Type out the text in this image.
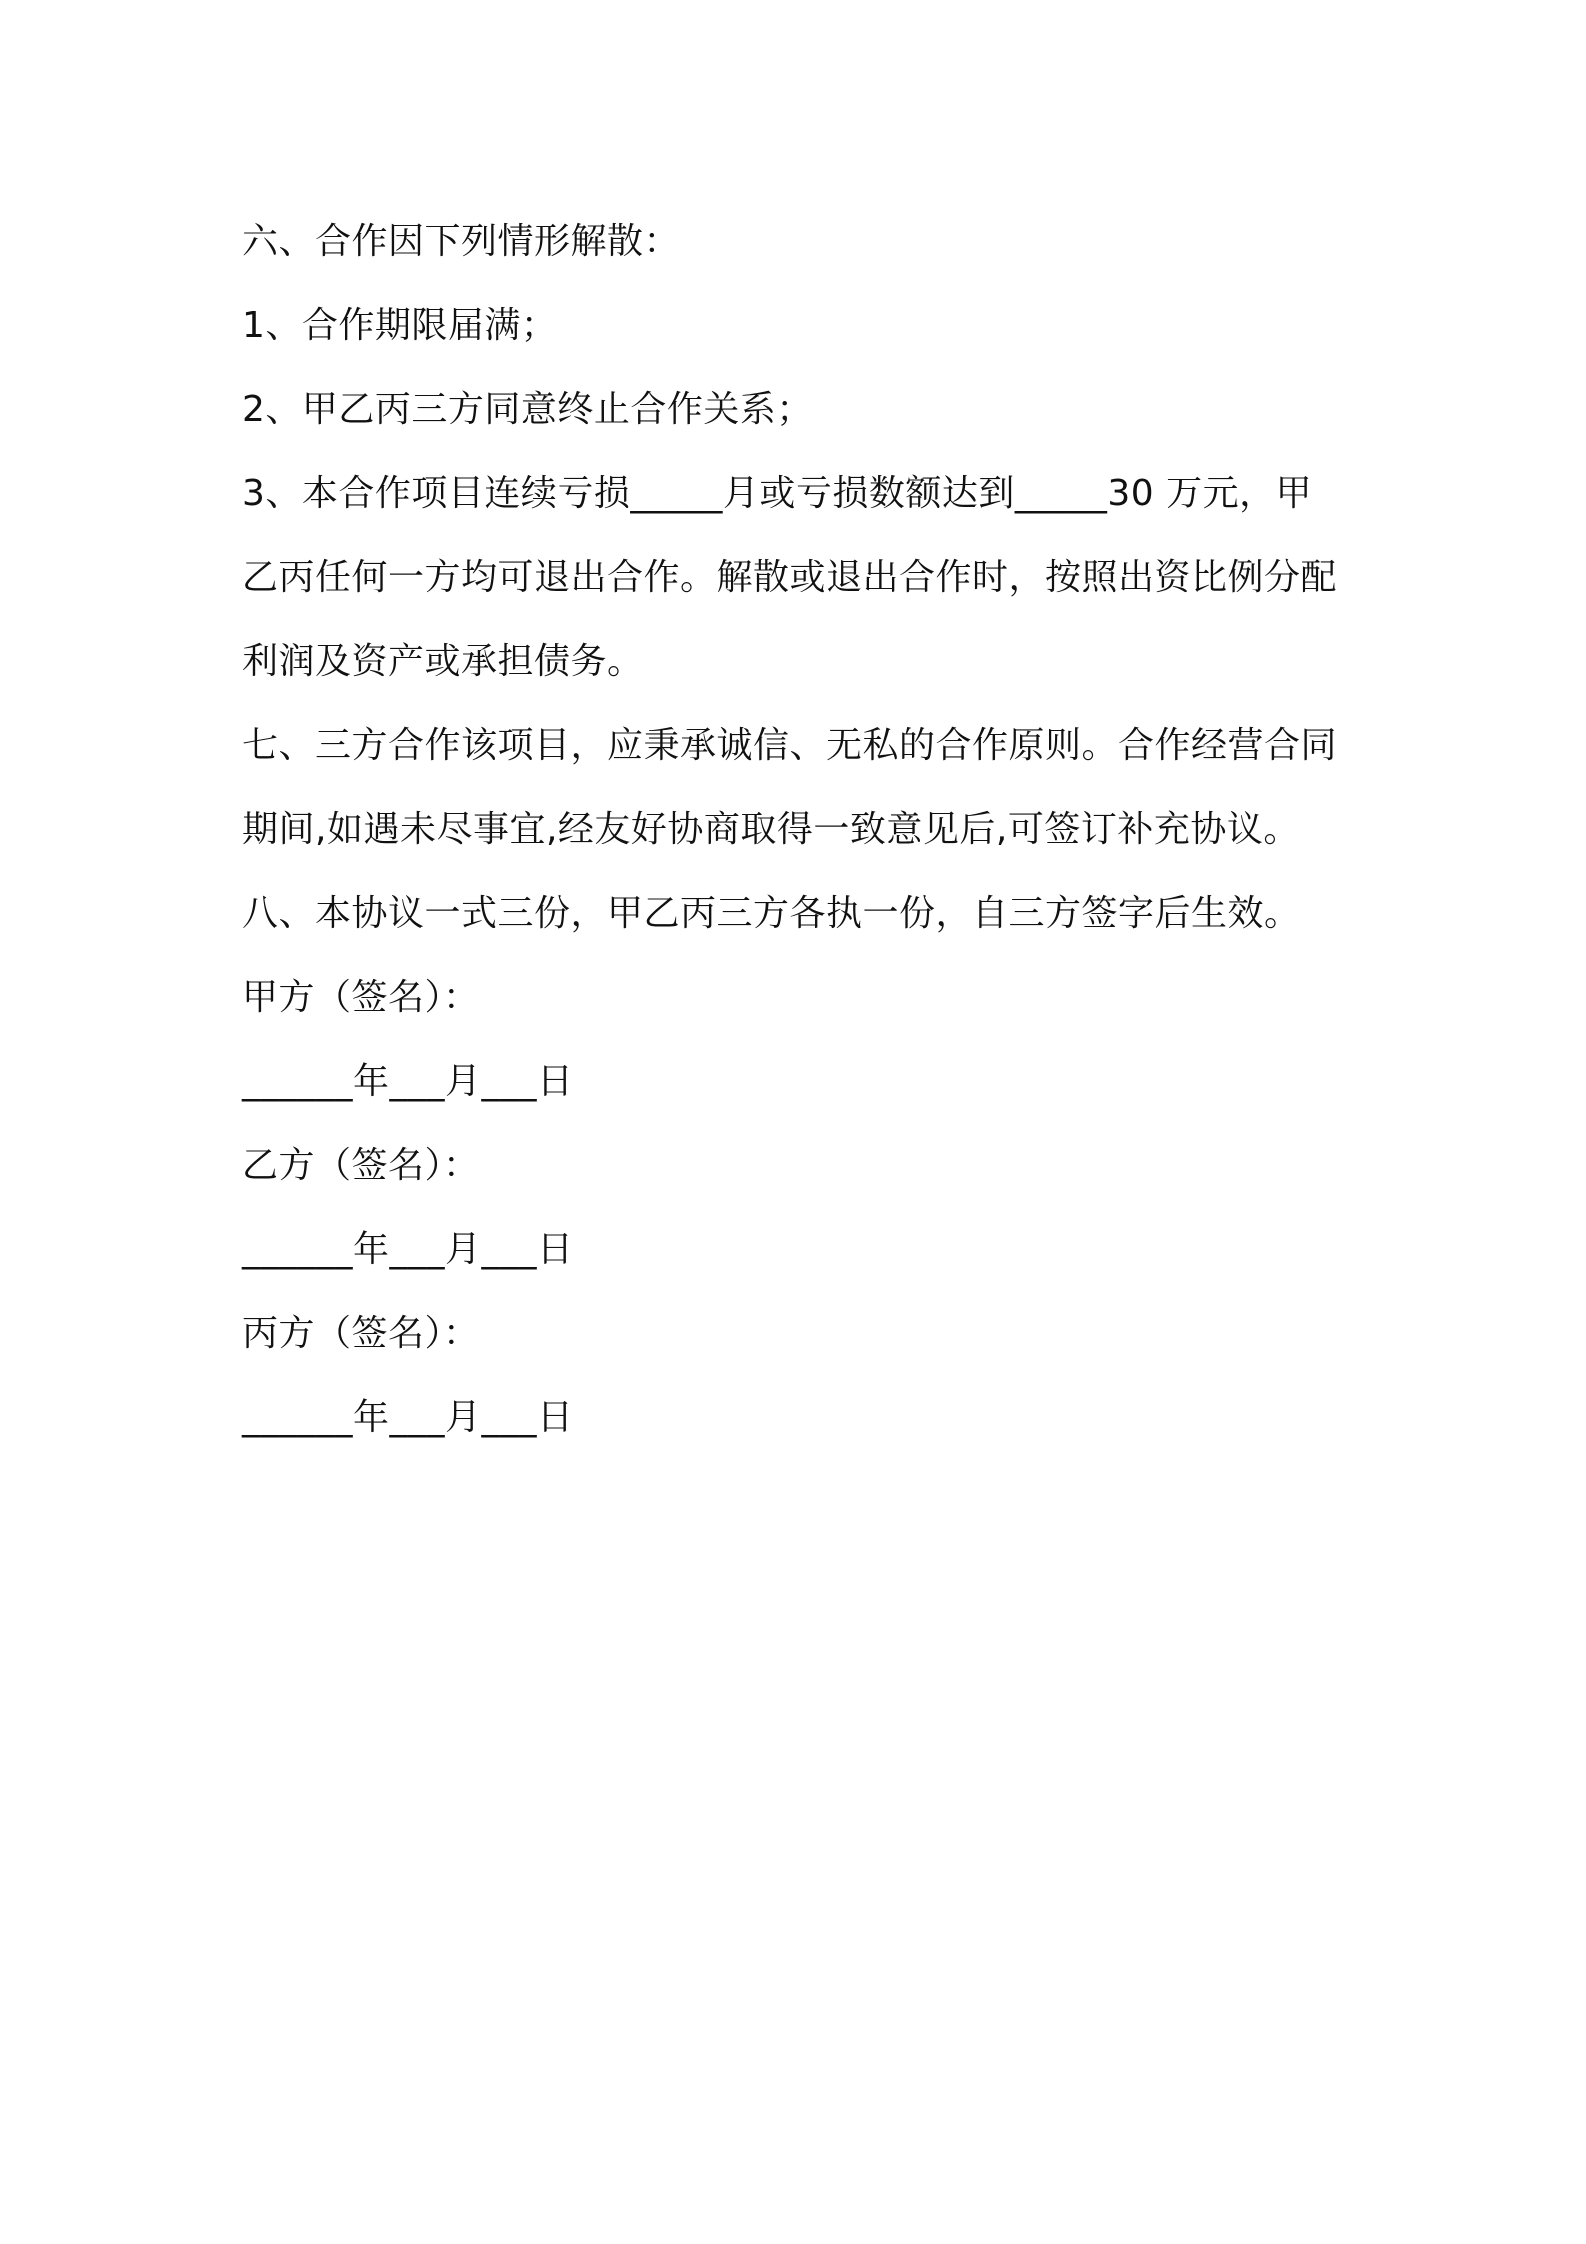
六、合作因下列情形解散：
1、合作期限届满；
2、甲乙丙三方同意终止合作关系；
3、本合作项目连续亏损_____月或亏损数额达到_____30 万元，甲
乙丙任何一方均可退出合作。解散或退出合作时，按照出资比例分配
利润及资产或承担债务。
七、三方合作该项目，应秉承诚信、无私的合作原则。合作经营合同
期间,如遇未尽事宜,经友好协商取得一致意见后,可签订补充协议。
八、本协议一式三份，甲乙丙三方各执一份，自三方签字后生效。
甲方（签名）：
______年___月___日
乙方（签名）：
______年___月___日
丙方（签名）：
______年___月___日
